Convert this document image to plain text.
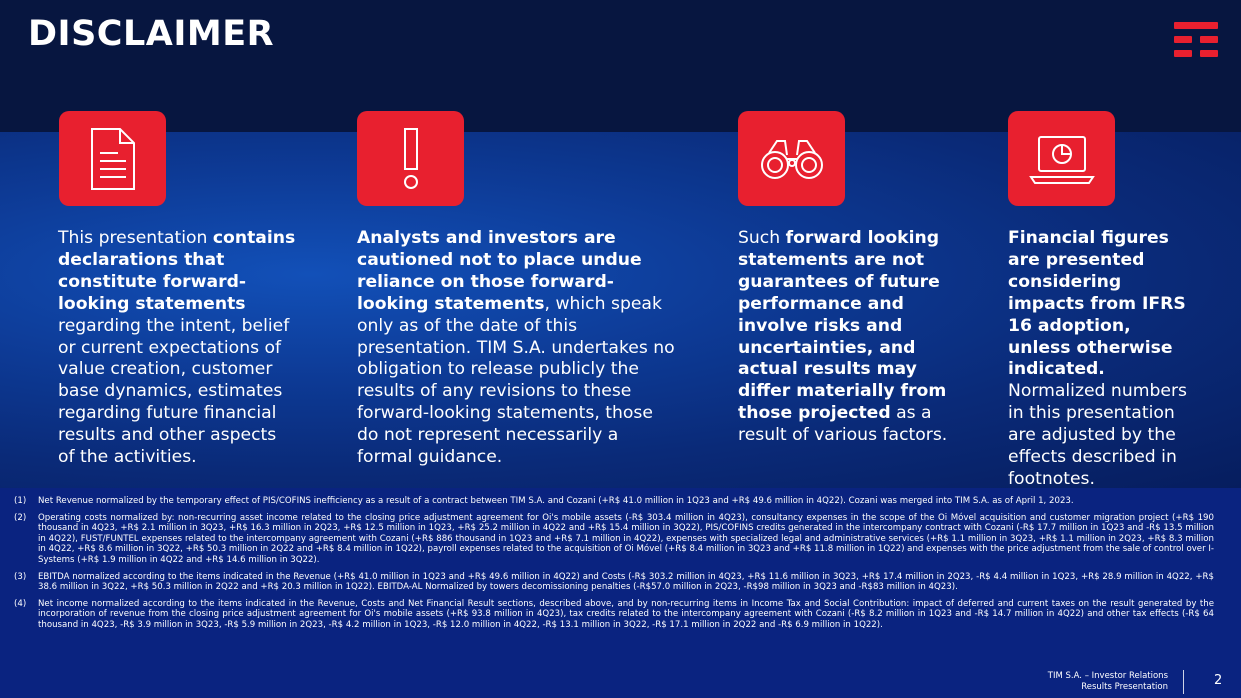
DISCLAIMER
This presentation contains declarations that constitute forward-looking statements regarding the intent, belief or current expectations of value creation, customer base dynamics, estimates regarding future financial results and other aspects of the activities.
Analysts and investors are cautioned not to place undue reliance on those forward-looking statements, which speak only as of the date of this presentation. TIM S.A. undertakes no obligation to release publicly the results of any revisions to these forward-looking statements, those do not represent necessarily a formal guidance.
Such forward looking statements are not guarantees of future performance and involve risks and uncertainties, and actual results may differ materially from those projected as a result of various factors.
Financial figures are presented considering impacts from IFRS 16 adoption, unless otherwise indicated. Normalized numbers in this presentation are adjusted by the effects described in footnotes.
(1)	Net Revenue normalized by the temporary effect of PIS/COFINS inefficiency as a result of a contract between TIM S.A. and Cozani (+R$ 41.0 million in 1Q23 and +R$ 49.6 million in 4Q22). Cozani was merged into TIM S.A. as of April 1, 2023.
(2)	Operating costs normalized by: non-recurring asset income related to the closing price adjustment agreement for Oi's mobile assets (-R$ 303.4 million in 4Q23), consultancy expenses in the scope of the Oi Móvel acquisition and customer migration project (+R$ 190 thousand in 4Q23, +R$ 2.1 million in 3Q23, +R$ 16.3 million in 2Q23, +R$ 12.5 million in 1Q23, +R$ 25.2 million in 4Q22 and +R$ 15.4 million in 3Q22), PIS/COFINS credits generated in the intercompany contract with Cozani (-R$ 17.7 million in 1Q23 and -R$ 13.5 million in 4Q22), FUST/FUNTEL expenses related to the intercompany agreement with Cozani (+R$ 886 thousand in 1Q23 and +R$ 7.1 million in 4Q22), expenses with specialized legal and administrative services (+R$ 1.1 million in 3Q23, +R$ 1.1 million in 2Q23, +R$ 8.3 million in 4Q22, +R$ 8.6 million in 3Q22, +R$ 50.3 million in 2Q22 and +R$ 8.4 million in 1Q22), payroll expenses related to the acquisition of Oi Móvel (+R$ 8.4 million in 3Q23 and +R$ 11.8 million in 1Q22) and expenses with the price adjustment from the sale of control over I-Systems (+R$ 1.9 million in 4Q22 and +R$ 14.6 million in 3Q22).
(3)	EBITDA normalized according to the items indicated in the Revenue (+R$ 41.0 million in 1Q23 and +R$ 49.6 million in 4Q22) and Costs (-R$ 303.2 million in 4Q23, +R$ 11.6 million in 3Q23, +R$ 17.4 million in 2Q23, -R$ 4.4 million in 1Q23, +R$ 28.9 million in 4Q22, +R$ 38.6 million in 3Q22, +R$ 50.3 million in 2Q22 and +R$ 20.3 million in 1Q22). EBITDA-AL Normalized by towers decomissioning penalties (-R$57.0 million in 2Q23, -R$98 million in 3Q23 and -R$83 million in 4Q23).
(4)	Net income normalized according to the items indicated in the Revenue, Costs and Net Financial Result sections, described above, and by non-recurring items in Income Tax and Social Contribution: impact of deferred and current taxes on the result generated by the incorporation of revenue from the closing price adjustment agreement for Oi's mobile assets (+R$ 93.8 million in 4Q23), tax credits related to the intercompany agreement with Cozani (-R$ 8.2 million in 1Q23 and -R$ 14.7 million in 4Q22) and other tax effects (-R$ 64 thousand in 4Q23, -R$ 3.9 million in 3Q23, -R$ 5.9 million in 2Q23, -R$ 4.2 million in 1Q23, -R$ 12.0 million in 4Q22, -R$ 13.1 million in 3Q22, -R$ 17.1 million in 2Q22 and -R$ 6.9 million in 1Q22).
TIM S.A. – Investor Relations
Results Presentation	2
